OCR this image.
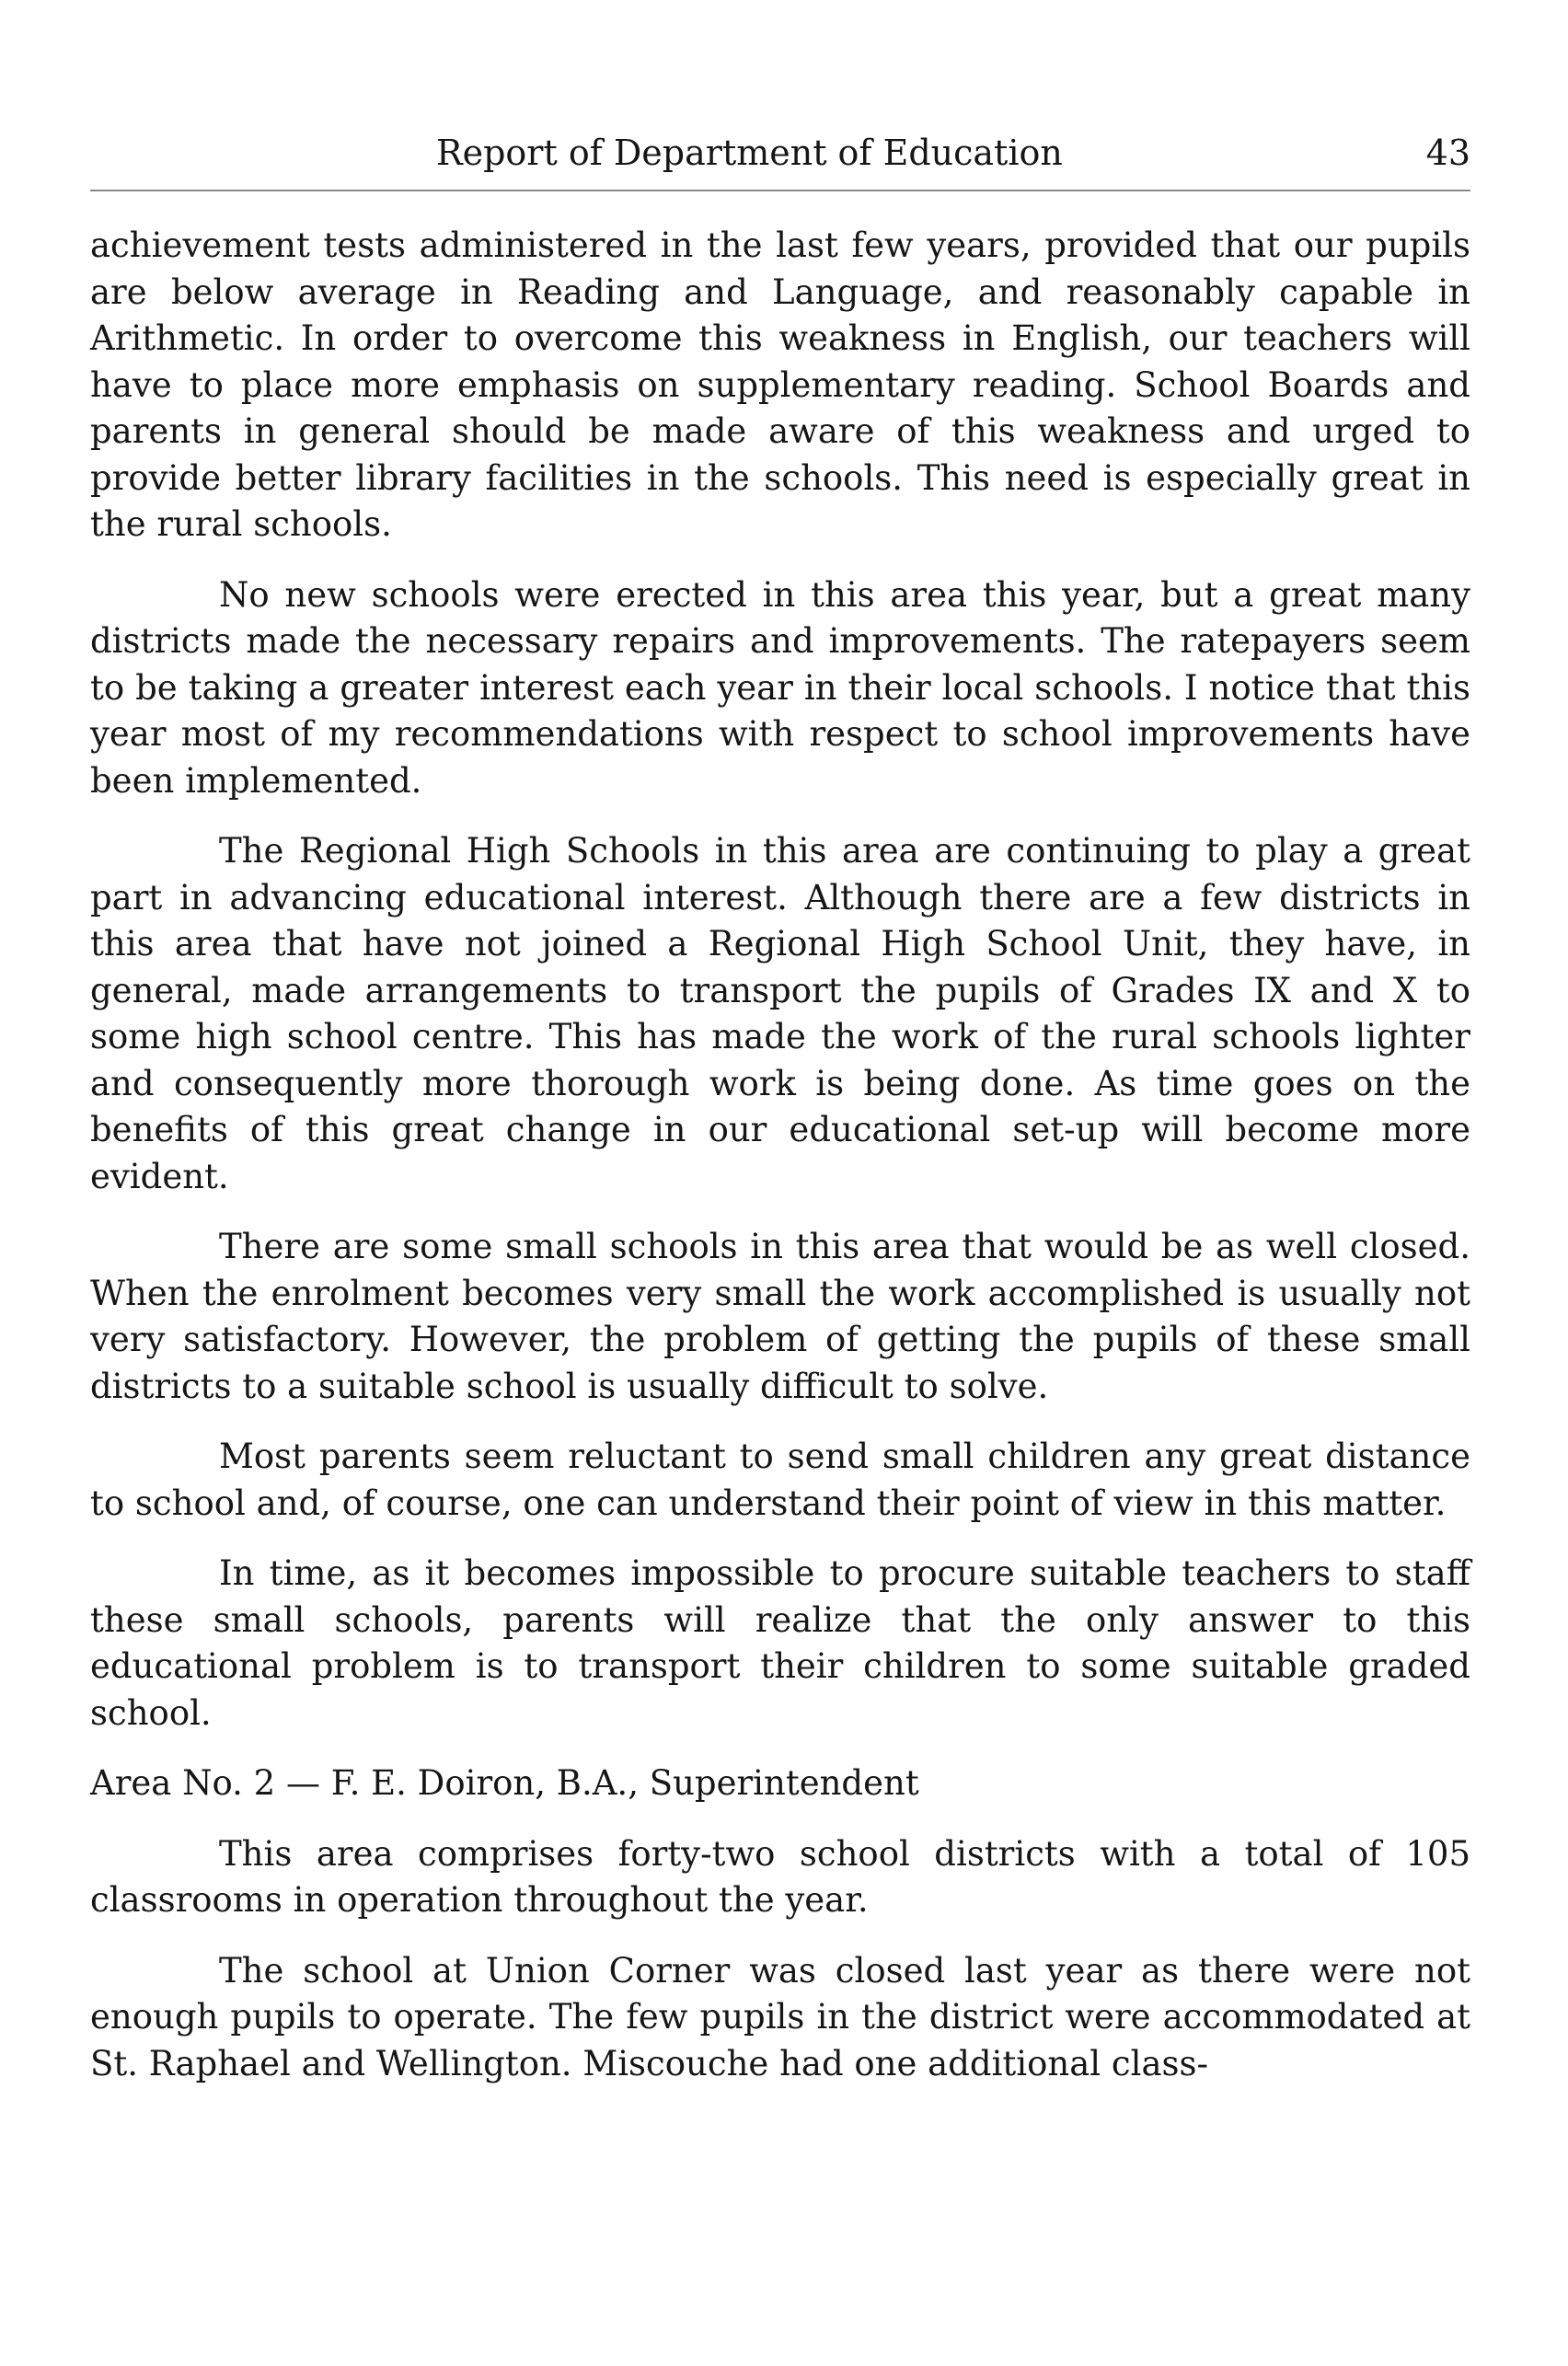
Report of Department of Education	43

achievement tests administered in the last few years, provided that our pupils are below average in Reading and Language, and reasonably capable in Arithmetic. In order to overcome this weakness in English, our teachers will have to place more emphasis on supplementary reading. School Boards and parents in general should be made aware of this weakness and urged to provide better library facilities in the schools. This need is especially great in the rural schools.

No new schools were erected in this area this year, but a great many districts made the necessary repairs and improvements. The ratepayers seem to be taking a greater interest each year in their local schools. I notice that this year most of my recommendations with respect to school improvements have been implemented.

The Regional High Schools in this area are continuing to play a great part in advancing educational interest. Although there are a few districts in this area that have not joined a Regional High School Unit, they have, in general, made arrangements to transport the pupils of Grades IX and X to some high school centre. This has made the work of the rural schools lighter and consequently more thorough work is being done. As time goes on the benefits of this great change in our educational set-up will become more evident.

There are some small schools in this area that would be as well closed. When the enrolment becomes very small the work accomplished is usually not very satisfactory. However, the problem of getting the pupils of these small districts to a suitable school is usually difficult to solve.

Most parents seem reluctant to send small children any great distance to school and, of course, one can understand their point of view in this matter.

In time, as it becomes impossible to procure suitable teachers to staff these small schools, parents will realize that the only answer to this educational problem is to transport their children to some suitable graded school.

Area No. 2 — F. E. Doiron, B.A., Superintendent

This area comprises forty-two school districts with a total of 105 classrooms in operation throughout the year.

The school at Union Corner was closed last year as there were not enough pupils to operate. The few pupils in the district were accommodated at St. Raphael and Wellington. Miscouche had one additional class-
